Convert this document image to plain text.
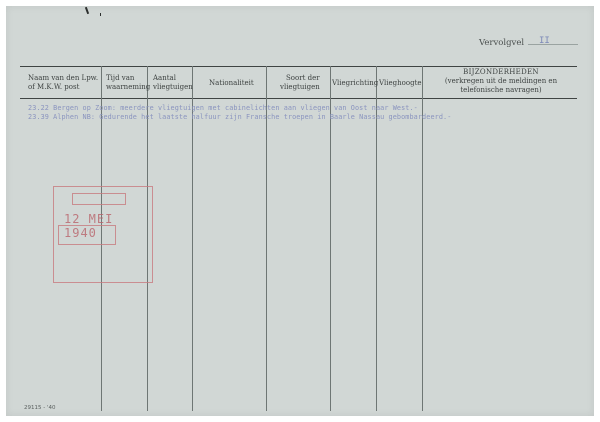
Vervolgvel II
Naam van den Lpw.
of M.K.W. post
Tijd van
waarneming
Aantal
vliegtuigen Nationaliteit
Soort der
vliegtuigen Vliegrichting Vlieghoogte
BIJZONDERHEDEN
(verkregen uit de meldingen en
telefonische navragen)
23.22 Bergen op Zoom: meerdere vliegtuigen met cabinelichten aan vliegen van Oost naar West.-
23.39 Alphen NB: Gedurende het laatste halfuur zijn Fransche troepen in Baarle Nassau gebombardeerd.-
12 MEI 1940
29115 - '40
